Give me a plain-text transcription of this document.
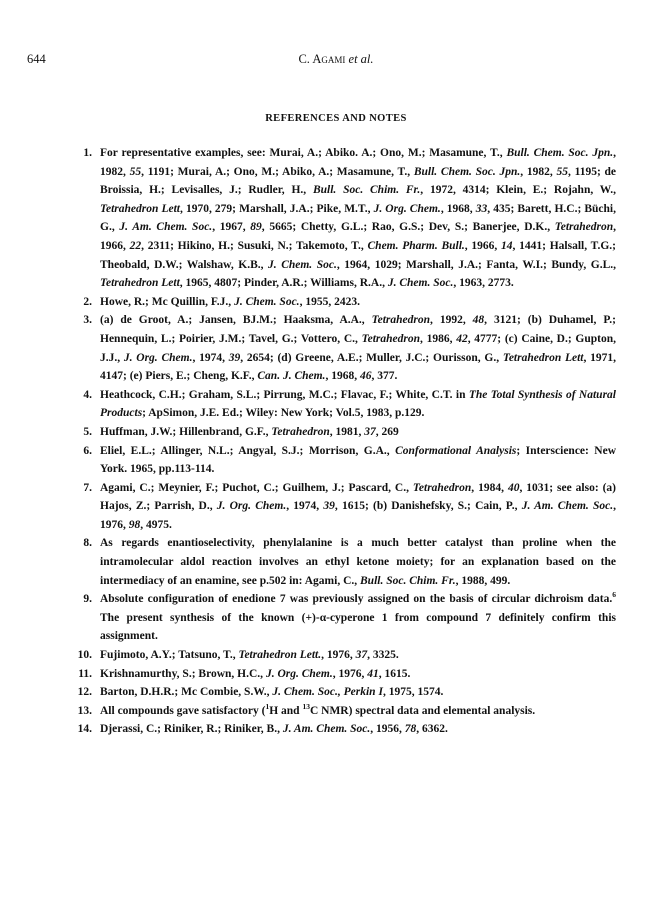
644	C. Agami et al.
REFERENCES AND NOTES
1. For representative examples, see: Murai, A.; Abiko. A.; Ono, M.; Masamune, T., Bull. Chem. Soc. Jpn., 1982, 55, 1191; Murai, A.; Ono, M.; Abiko, A.; Masamune, T., Bull. Chem. Soc. Jpn., 1982, 55, 1195; de Broissia, H.; Levisalles, J.; Rudler, H., Bull. Soc. Chim. Fr., 1972, 4314; Klein, E.; Rojahn, W., Tetrahedron Lett, 1970, 279; Marshall, J.A.; Pike, M.T., J. Org. Chem., 1968, 33, 435; Barett, H.C.; Büchi, G., J. Am. Chem. Soc., 1967, 89, 5665; Chetty, G.L.; Rao, G.S.; Dev, S.; Banerjee, D.K., Tetrahedron, 1966, 22, 2311; Hikino, H.; Susuki, N.; Takemoto, T., Chem. Pharm. Bull., 1966, 14, 1441; Halsall, T.G.; Theobald, D.W.; Walshaw, K.B., J. Chem. Soc., 1964, 1029; Marshall, J.A.; Fanta, W.I.; Bundy, G.L., Tetrahedron Lett, 1965, 4807; Pinder, A.R.; Williams, R.A., J. Chem. Soc., 1963, 2773.
2. Howe, R.; Mc Quillin, F.J., J. Chem. Soc., 1955, 2423.
3. (a) de Groot, A.; Jansen, BJ.M.; Haaksma, A.A., Tetrahedron, 1992, 48, 3121; (b) Duhamel, P.; Hennequin, L.; Poirier, J.M.; Tavel, G.; Vottero, C., Tetrahedron, 1986, 42, 4777; (c) Caine, D.; Gupton, J.J., J. Org. Chem., 1974, 39, 2654; (d) Greene, A.E.; Muller, J.C.; Ourisson, G., Tetrahedron Lett, 1971, 4147; (e) Piers, E.; Cheng, K.F., Can. J. Chem., 1968, 46, 377.
4. Heathcock, C.H.; Graham, S.L.; Pirrung, M.C.; Flavac, F.; White, C.T. in The Total Synthesis of Natural Products; ApSimon, J.E. Ed.; Wiley: New York; Vol.5, 1983, p.129.
5. Huffman, J.W.; Hillenbrand, G.F., Tetrahedron, 1981, 37, 269
6. Eliel, E.L.; Allinger, N.L.; Angyal, S.J.; Morrison, G.A., Conformational Analysis; Interscience: New York. 1965, pp.113-114.
7. Agami, C.; Meynier, F.; Puchot, C.; Guilhem, J.; Pascard, C., Tetrahedron, 1984, 40, 1031; see also: (a) Hajos, Z.; Parrish, D., J. Org. Chem., 1974, 39, 1615; (b) Danishefsky, S.; Cain, P., J. Am. Chem. Soc., 1976, 98, 4975.
8. As regards enantioselectivity, phenylalanine is a much better catalyst than proline when the intramolecular aldol reaction involves an ethyl ketone moiety; for an explanation based on the intermediacy of an enamine, see p.502 in: Agami, C., Bull. Soc. Chim. Fr., 1988, 499.
9. Absolute configuration of enedione 7 was previously assigned on the basis of circular dichroism data.$^6$ The present synthesis of the known (+)-α-cyperone 1 from compound 7 definitely confirm this assignment.
10. Fujimoto, A.Y.; Tatsuno, T., Tetrahedron Lett., 1976, 37, 3325.
11. Krishnamurthy, S.; Brown, H.C., J. Org. Chem., 1976, 41, 1615.
12. Barton, D.H.R.; Mc Combie, S.W., J. Chem. Soc., Perkin I, 1975, 1574.
13. All compounds gave satisfactory ($^1$H and $^{13}$C NMR) spectral data and elemental analysis.
14. Djerassi, C.; Riniker, R.; Riniker, B., J. Am. Chem. Soc., 1956, 78, 6362.
